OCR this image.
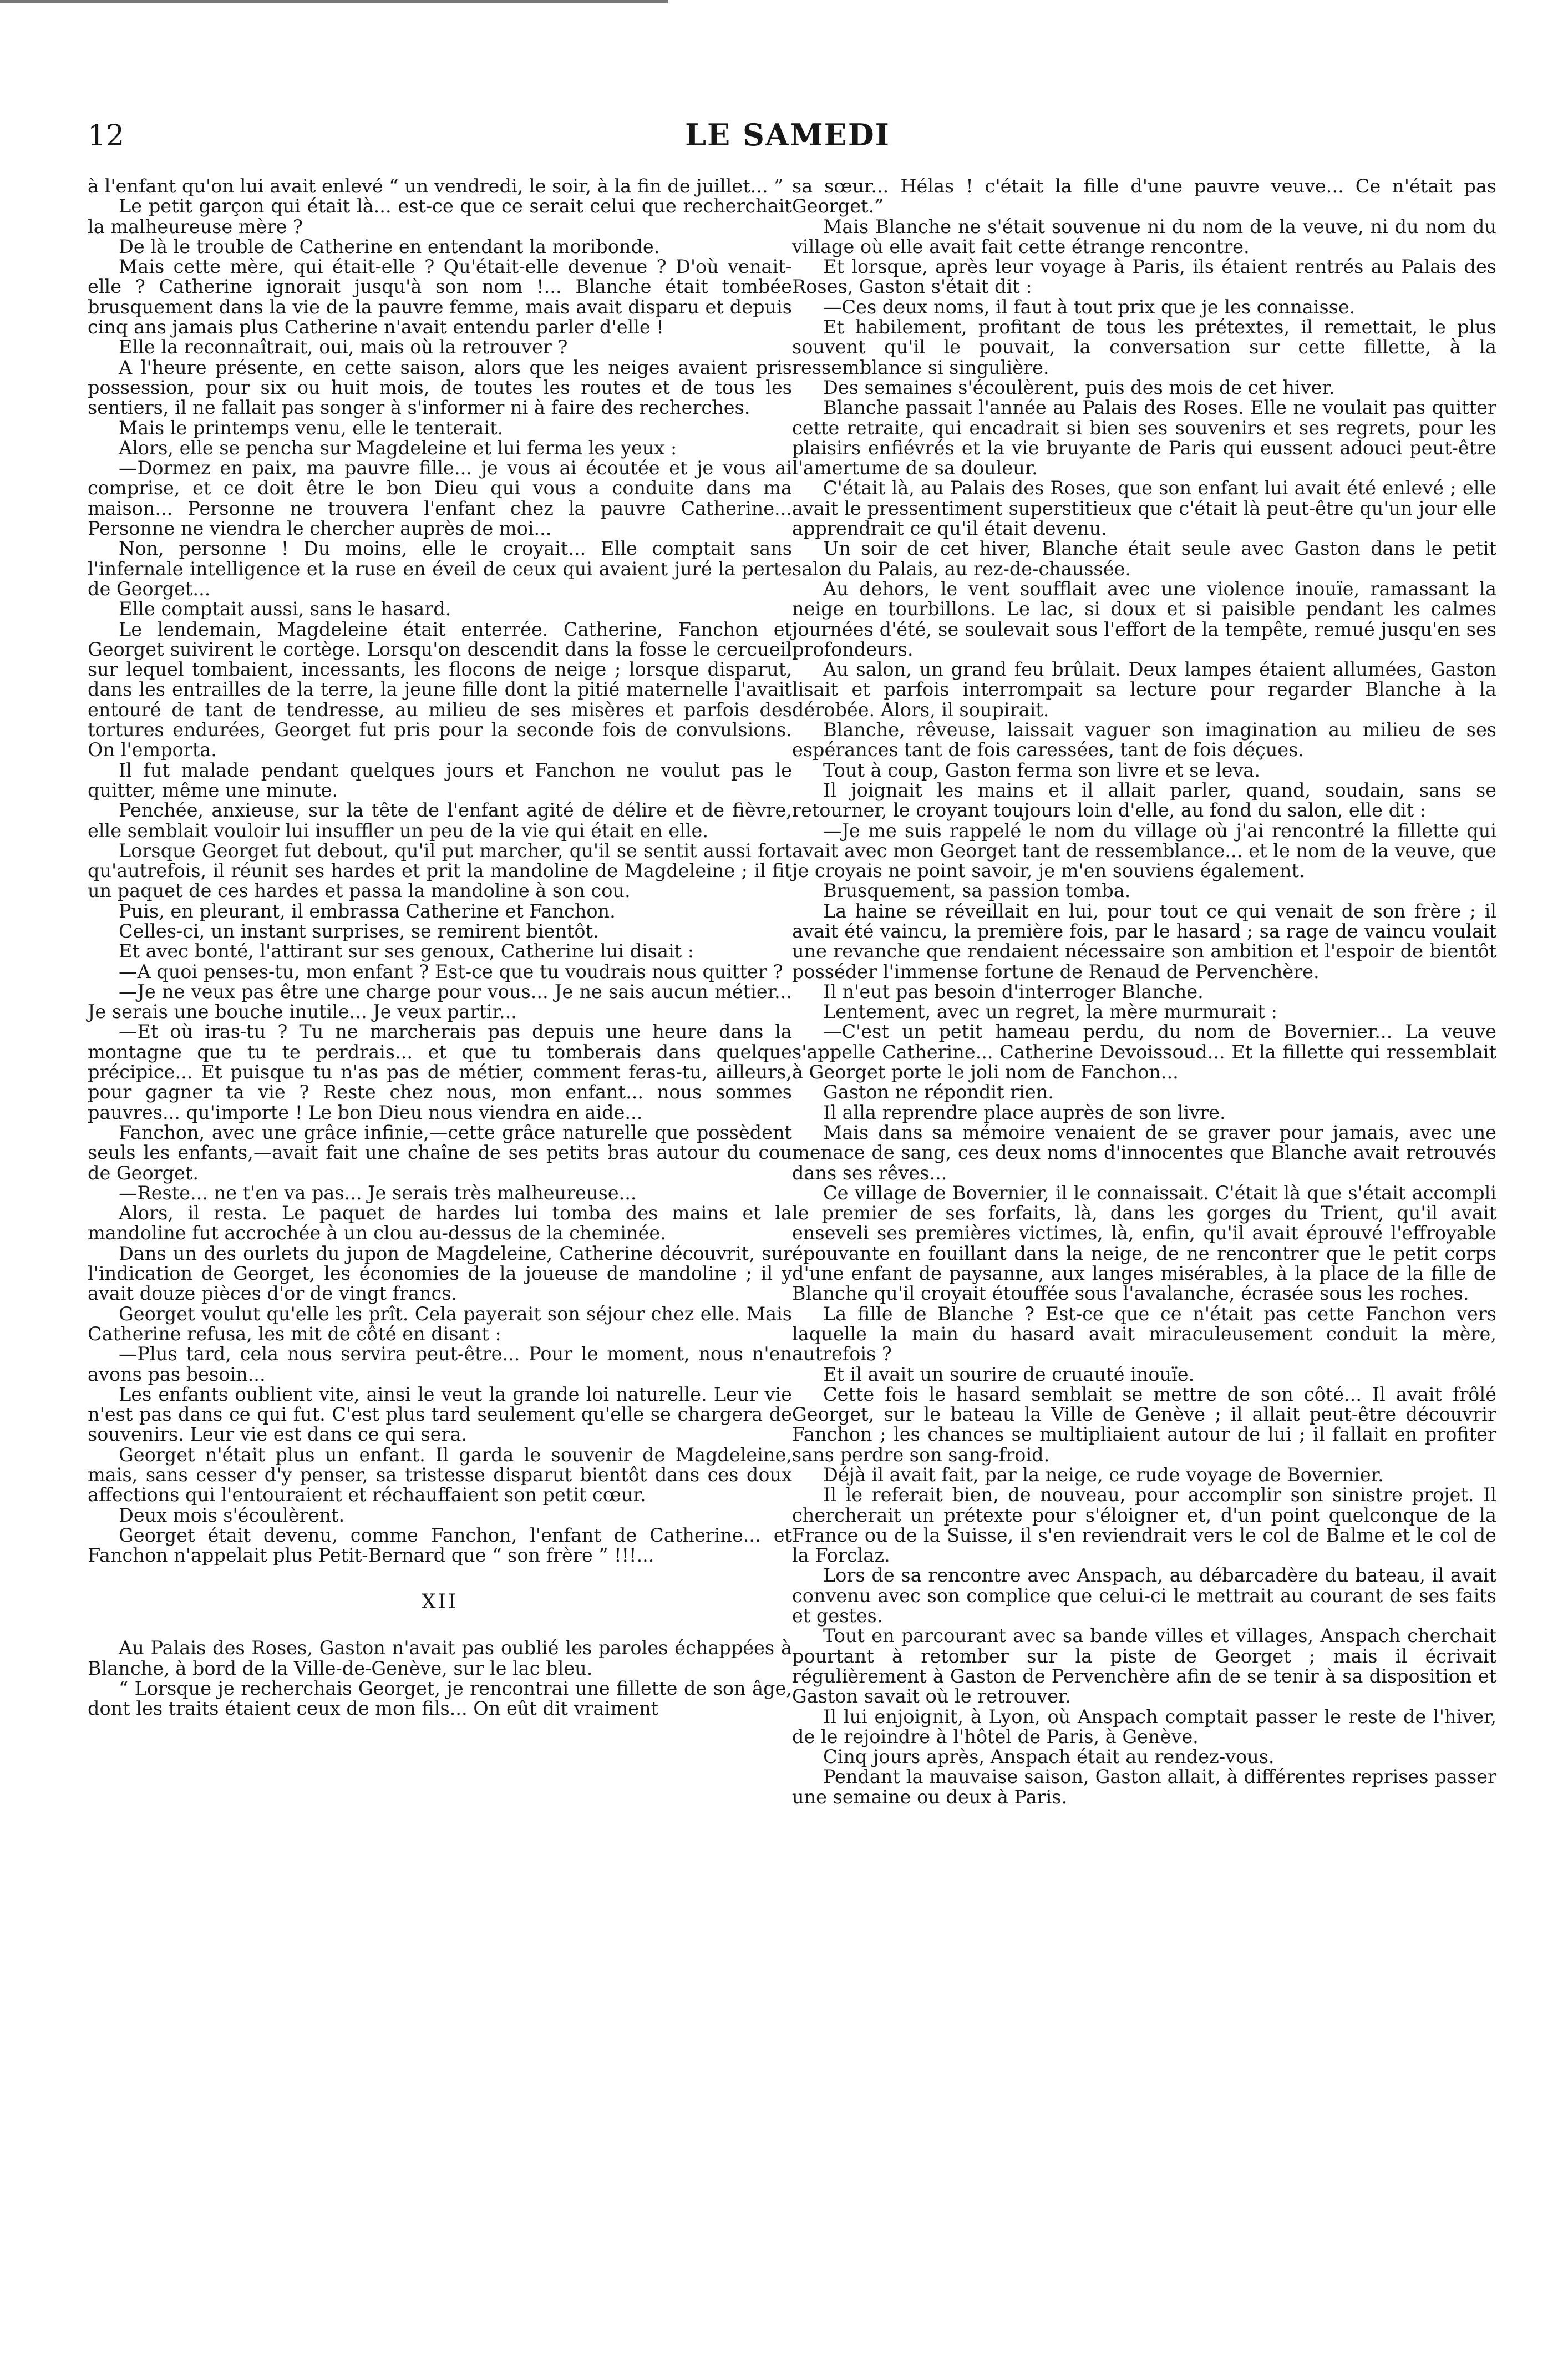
12	LE SAMEDI

à l'enfant qu'on lui avait enlevé “ un vendredi, le soir, à la fin de juillet... ”

Le petit garçon qui était là... est-ce que ce serait celui que recherchait la malheureuse mère ?

De là le trouble de Catherine en entendant la moribonde.

Mais cette mère, qui était-elle ? Qu'était-elle devenue ? D'où venait-elle ? Catherine ignorait jusqu'à son nom !... Blanche était tombée brusquement dans la vie de la pauvre femme, mais avait disparu et depuis cinq ans jamais plus Catherine n'avait entendu parler d'elle !

Elle la reconnaîtrait, oui, mais où la retrouver ?

A l'heure présente, en cette saison, alors que les neiges avaient pris possession, pour six ou huit mois, de toutes les routes et de tous les sentiers, il ne fallait pas songer à s'informer ni à faire des recherches.

Mais le printemps venu, elle le tenterait.

Alors, elle se pencha sur Magdeleine et lui ferma les yeux :

—Dormez en paix, ma pauvre fille... je vous ai écoutée et je vous ai comprise, et ce doit être le bon Dieu qui vous a conduite dans ma maison... Personne ne trouvera l'enfant chez la pauvre Catherine... Personne ne viendra le chercher auprès de moi...

Non, personne ! Du moins, elle le croyait... Elle comptait sans l'infernale intelligence et la ruse en éveil de ceux qui avaient juré la perte de Georget...

Elle comptait aussi, sans le hasard.

Le lendemain, Magdeleine était enterrée. Catherine, Fanchon et Georget suivirent le cortège. Lorsqu'on descendit dans la fosse le cercueil sur lequel tombaient, incessants, les flocons de neige ; lorsque disparut, dans les entrailles de la terre, la jeune fille dont la pitié maternelle l'avait entouré de tant de tendresse, au milieu de ses misères et parfois des tortures endurées, Georget fut pris pour la seconde fois de convulsions. On l'emporta.

Il fut malade pendant quelques jours et Fanchon ne voulut pas le quitter, même une minute.

Penchée, anxieuse, sur la tête de l'enfant agité de délire et de fièvre, elle semblait vouloir lui insuffler un peu de la vie qui était en elle.

Lorsque Georget fut debout, qu'il put marcher, qu'il se sentit aussi fort qu'autrefois, il réunit ses hardes et prit la mandoline de Magdeleine ; il fit un paquet de ces hardes et passa la mandoline à son cou.

Puis, en pleurant, il embrassa Catherine et Fanchon.

Celles-ci, un instant surprises, se remirent bientôt.

Et avec bonté, l'attirant sur ses genoux, Catherine lui disait :

—A quoi penses-tu, mon enfant ? Est-ce que tu voudrais nous quitter ?

—Je ne veux pas être une charge pour vous... Je ne sais aucun métier... Je serais une bouche inutile... Je veux partir...

—Et où iras-tu ? Tu ne marcherais pas depuis une heure dans la montagne que tu te perdrais... et que tu tomberais dans quelque précipice... Et puisque tu n'as pas de métier, comment feras-tu, ailleurs, pour gagner ta vie ? Reste chez nous, mon enfant... nous sommes pauvres... qu'importe ! Le bon Dieu nous viendra en aide...

Fanchon, avec une grâce infinie,—cette grâce naturelle que possèdent seuls les enfants,—avait fait une chaîne de ses petits bras autour du cou de Georget.

—Reste... ne t'en va pas... Je serais très malheureuse...

Alors, il resta. Le paquet de hardes lui tomba des mains et la mandoline fut accrochée à un clou au-dessus de la cheminée.

Dans un des ourlets du jupon de Magdeleine, Catherine découvrit, sur l'indication de Georget, les économies de la joueuse de mandoline ; il y avait douze pièces d'or de vingt francs.

Georget voulut qu'elle les prît. Cela payerait son séjour chez elle. Mais Catherine refusa, les mit de côté en disant :

—Plus tard, cela nous servira peut-être... Pour le moment, nous n'en avons pas besoin...

Les enfants oublient vite, ainsi le veut la grande loi naturelle. Leur vie n'est pas dans ce qui fut. C'est plus tard seulement qu'elle se chargera de souvenirs. Leur vie est dans ce qui sera.

Georget n'était plus un enfant. Il garda le souvenir de Magdeleine, mais, sans cesser d'y penser, sa tristesse disparut bientôt dans ces doux affections qui l'entouraient et réchauffaient son petit cœur.

Deux mois s'écoulèrent.

Georget était devenu, comme Fanchon, l'enfant de Catherine... et Fanchon n'appelait plus Petit-Bernard que “ son frère ” !!!...

XII

Au Palais des Roses, Gaston n'avait pas oublié les paroles échappées à Blanche, à bord de la Ville-de-Genève, sur le lac bleu.

“ Lorsque je recherchais Georget, je rencontrai une fillette de son âge, dont les traits étaient ceux de mon fils... On eût dit vraiment

sa sœur... Hélas ! c'était la fille d'une pauvre veuve... Ce n'était pas Georget.”

Mais Blanche ne s'était souvenue ni du nom de la veuve, ni du nom du village où elle avait fait cette étrange rencontre.

Et lorsque, après leur voyage à Paris, ils étaient rentrés au Palais des Roses, Gaston s'était dit :

—Ces deux noms, il faut à tout prix que je les connaisse.

Et habilement, profitant de tous les prétextes, il remettait, le plus souvent qu'il le pouvait, la conversation sur cette fillette, à la ressemblance si singulière.

Des semaines s'écoulèrent, puis des mois de cet hiver.

Blanche passait l'année au Palais des Roses. Elle ne voulait pas quitter cette retraite, qui encadrait si bien ses souvenirs et ses regrets, pour les plaisirs enfiévrés et la vie bruyante de Paris qui eussent adouci peut-être l'amertume de sa douleur.

C'était là, au Palais des Roses, que son enfant lui avait été enlevé ; elle avait le pressentiment superstitieux que c'était là peut-être qu'un jour elle apprendrait ce qu'il était devenu.

Un soir de cet hiver, Blanche était seule avec Gaston dans le petit salon du Palais, au rez-de-chaussée.

Au dehors, le vent soufflait avec une violence inouïe, ramassant la neige en tourbillons. Le lac, si doux et si paisible pendant les calmes journées d'été, se soulevait sous l'effort de la tempête, remué jusqu'en ses profondeurs.

Au salon, un grand feu brûlait. Deux lampes étaient allumées, Gaston lisait et parfois interrompait sa lecture pour regarder Blanche à la dérobée. Alors, il soupirait.

Blanche, rêveuse, laissait vaguer son imagination au milieu de ses espérances tant de fois caressées, tant de fois déçues.

Tout à coup, Gaston ferma son livre et se leva.

Il joignait les mains et il allait parler, quand, soudain, sans se retourner, le croyant toujours loin d'elle, au fond du salon, elle dit :

—Je me suis rappelé le nom du village où j'ai rencontré la fillette qui avait avec mon Georget tant de ressemblance... et le nom de la veuve, que je croyais ne point savoir, je m'en souviens également.

Brusquement, sa passion tomba.

La haine se réveillait en lui, pour tout ce qui venait de son frère ; il avait été vaincu, la première fois, par le hasard ; sa rage de vaincu voulait une revanche que rendaient nécessaire son ambition et l'espoir de bientôt posséder l'immense fortune de Renaud de Pervenchère.

Il n'eut pas besoin d'interroger Blanche.

Lentement, avec un regret, la mère murmurait :

—C'est un petit hameau perdu, du nom de Bovernier... La veuve s'appelle Catherine... Catherine Devoissoud... Et la fillette qui ressemblait à Georget porte le joli nom de Fanchon...

Gaston ne répondit rien.

Il alla reprendre place auprès de son livre.

Mais dans sa mémoire venaient de se graver pour jamais, avec une menace de sang, ces deux noms d'innocentes que Blanche avait retrouvés dans ses rêves...

Ce village de Bovernier, il le connaissait. C'était là que s'était accompli le premier de ses forfaits, là, dans les gorges du Trient, qu'il avait enseveli ses premières victimes, là, enfin, qu'il avait éprouvé l'effroyable épouvante en fouillant dans la neige, de ne rencontrer que le petit corps d'une enfant de paysanne, aux langes misérables, à la place de la fille de Blanche qu'il croyait étouffée sous l'avalanche, écrasée sous les roches.

La fille de Blanche ? Est-ce que ce n'était pas cette Fanchon vers laquelle la main du hasard avait miraculeusement conduit la mère, autrefois ?

Et il avait un sourire de cruauté inouïe.

Cette fois le hasard semblait se mettre de son côté... Il avait frôlé Georget, sur le bateau la Ville de Genève ; il allait peut-être découvrir Fanchon ; les chances se multipliaient autour de lui ; il fallait en profiter sans perdre son sang-froid.

Déjà il avait fait, par la neige, ce rude voyage de Bovernier.

Il le referait bien, de nouveau, pour accomplir son sinistre projet. Il chercherait un prétexte pour s'éloigner et, d'un point quelconque de la France ou de la Suisse, il s'en reviendrait vers le col de Balme et le col de la Forclaz.

Lors de sa rencontre avec Anspach, au débarcadère du bateau, il avait convenu avec son complice que celui-ci le mettrait au courant de ses faits et gestes.

Tout en parcourant avec sa bande villes et villages, Anspach cherchait pourtant à retomber sur la piste de Georget ; mais il écrivait régulièrement à Gaston de Pervenchère afin de se tenir à sa disposition et Gaston savait où le retrouver.

Il lui enjoignit, à Lyon, où Anspach comptait passer le reste de l'hiver, de le rejoindre à l'hôtel de Paris, à Genève.

Cinq jours après, Anspach était au rendez-vous.

Pendant la mauvaise saison, Gaston allait, à différentes reprises passer une semaine ou deux à Paris.
